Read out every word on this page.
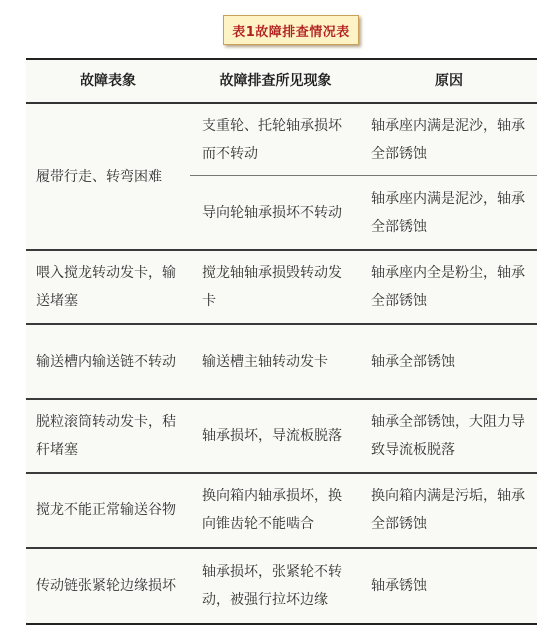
表1故障排查情况表
故障表象	故障排查所见现象	原因
履带行走、转弯困难	支重轮、托轮轴承损坏而不转动	轴承座内满是泥沙，轴承全部锈蚀
	导向轮轴承损坏不转动	轴承座内满是泥沙，轴承全部锈蚀
喂入搅龙转动发卡，输送堵塞	搅龙轴轴承损毁转动发卡	轴承座内全是粉尘，轴承全部锈蚀
输送槽内输送链不转动	输送槽主轴转动发卡	轴承全部锈蚀
脱粒滚筒转动发卡，秸秆堵塞	轴承损坏，导流板脱落	轴承全部锈蚀，大阻力导致导流板脱落
搅龙不能正常输送谷物	换向箱内轴承损坏，换向锥齿轮不能啮合	换向箱内满是污垢，轴承全部锈蚀
传动链张紧轮边缘损坏	轴承损坏，张紧轮不转动，被强行拉坏边缘	轴承锈蚀
